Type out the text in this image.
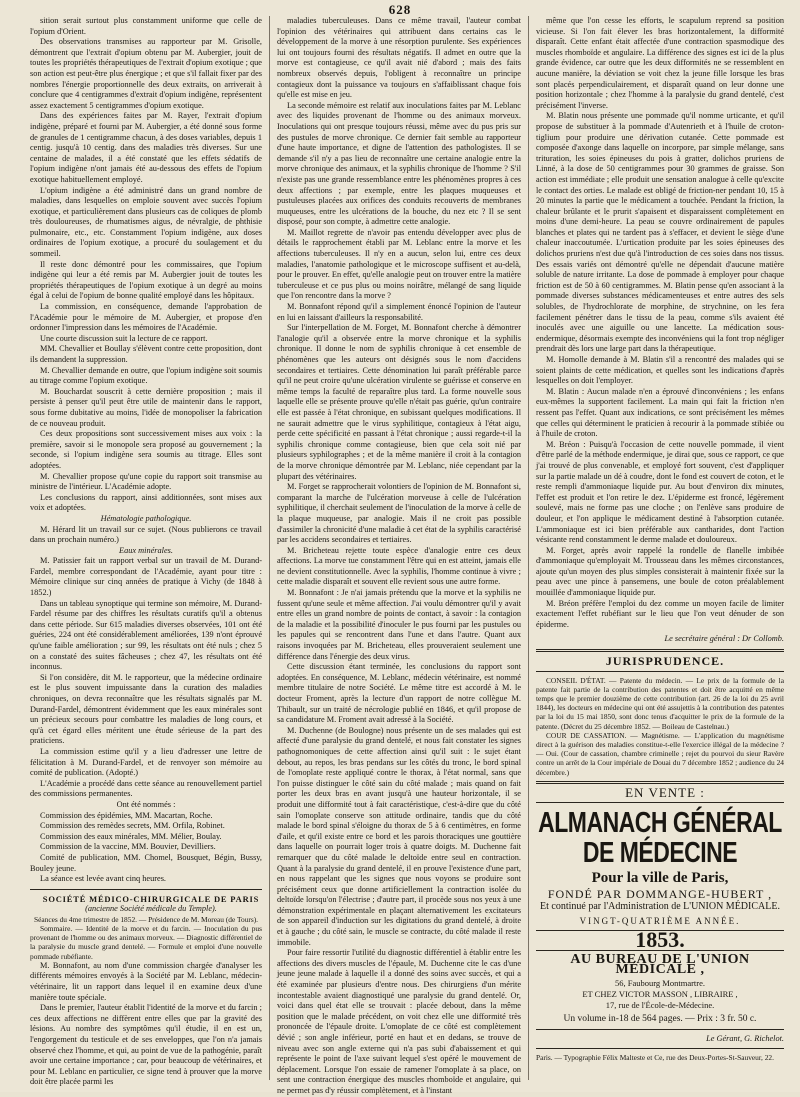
628

sition serait surtout plus constamment uniforme que celle de l'opium d'Orient.

Des observations transmises au rapporteur par M. Grisolle, démontrent que l'extrait d'opium obtenu par M. Aubergier, jouit de toutes les propriétés thérapeutiques de l'extrait d'opium exotique ; que son action est peut-être plus énergique ; et que s'il fallait fixer par des nombres l'énergie proportionnelle des deux extraits, on arriverait à conclure que 4 centigrammes d'extrait d'opium indigène, représentent assez exactement 5 centigrammes d'opium exotique.

Dans des expériences faites par M. Rayer, l'extrait d'opium indigène, préparé et fourni par M. Aubergier, a été donné sous forme de granules de 1 centigramme chacun, à des doses variables, depuis 1 centig. jusqu'à 10 centig. dans des maladies très diverses. Sur une centaine de malades, il a été constaté que les effets sédatifs de l'opium indigène n'ont jamais été au-dessous des effets de l'opium exotique habituellement employé.

L'opium indigène a été administré dans un grand nombre de maladies, dans lesquelles on emploie souvent avec succès l'opium exotique, et particulièrement dans plusieurs cas de coliques de plomb très douloureuses, de rhumatismes aigus, de névralgie, de phthisie pulmonaire, etc., etc. Constamment l'opium indigène, aux doses ordinaires de l'opium exotique, a procuré du soulagement et du sommeil.

Il reste donc démontré pour les commissaires, que l'opium indigène qui leur a été remis par M. Aubergier jouit de toutes les propriétés thérapeutiques de l'opium exotique à un degré au moins égal à celui de l'opium de bonne qualité employé dans les hôpitaux.

La commission, en conséquence, demande l'approbation de l'Académie pour le mémoire de M. Aubergier, et propose d'en ordonner l'impression dans les mémoires de l'Académie.

Une courte discussion suit la lecture de ce rapport.

MM. Chevallier et Boullay s'élèvent contre cette proposition, dont ils demandent la suppression.

M. Chevallier demande en outre, que l'opium indigène soit soumis au titrage comme l'opium exotique.

M. Bouchardat souscrit à cette dernière proposition ; mais il persiste à penser qu'il peut être utile de maintenir dans le rapport, sous forme dubitative au moins, l'idée de monopoliser la fabrication de ce nouveau produit.

Ces deux propositions sont successivement mises aux voix : la première, savoir si le monopole sera proposé au gouvernement ; la seconde, si l'opium indigène sera soumis au titrage. Elles sont adoptées.

M. Chevallier propose qu'une copie du rapport soit transmise au ministre de l'intérieur. L'Académie adopte.

Les conclusions du rapport, ainsi additionnées, sont mises aux voix et adoptées.

Hématologie pathologique.

M. Hérard lit un travail sur ce sujet. (Nous publierons ce travail dans un prochain numéro.)

Eaux minérales.

M. Patissier fait un rapport verbal sur un travail de M. Durand-Fardel, membre correspondant de l'Académie, ayant pour titre : Mémoire clinique sur cinq années de pratique à Vichy (de 1848 à 1852.)

Dans un tableau synoptique qui termine son mémoire, M. Durand-Fardel résume par des chiffres les résultats curatifs qu'il a obtenus dans cette période. Sur 615 maladies diverses observées, 101 ont été guéries, 224 ont été considérablement améliorées, 139 n'ont éprouvé qu'une faible amélioration ; sur 99, les résultats ont été nuls ; chez 5 on a constaté des suites fâcheuses ; chez 47, les résultats ont été inconnus.

Si l'on considère, dit M. le rapporteur, que la médecine ordinaire est le plus souvent impuissante dans la curation des maladies chroniques, on devra reconnaître que les résultats signalés par M. Durand-Fardel, démontrent évidemment que les eaux minérales sont un précieux secours pour combattre les maladies de long cours, et qu'à cet égard elles méritent une étude sérieuse de la part des praticiens.

La commission estime qu'il y a lieu d'adresser une lettre de félicitation à M. Durand-Fardel, et de renvoyer son mémoire au comité de publication. (Adopté.)

L'Académie a procédé dans cette séance au renouvellement partiel des commissions permanentes.

Ont été nommés :

Commission des épidémies, MM. Macartan, Roche.

Commission des remèdes secrets, MM. Orfila, Robinet.

Commission des eaux minérales, MM. Mélier, Boulay.

Commission de la vaccine, MM. Bouvier, Devilliers.

Comité de publication, MM. Chomel, Bousquet, Bégin, Bussy, Bouley jeune.

La séance est levée avant cinq heures.

SOCIÉTÉ MÉDICO-CHIRURGICALE DE PARIS

(ancienne Société médicale du Temple).

Séances du 4me trimestre de 1852. — Présidence de M. Moreau (de Tours).

Sommaire. — Identité de la morve et du farcin. — Inoculation du pus provenant de l'homme ou des animaux morveux. — Diagnostic différentiel de la paralysie du muscle grand dentelé. — Formule et emploi d'une nouvelle pommade rubéfiante.

M. Bonnafont, au nom d'une commission chargée d'analyser les différents mémoires envoyés à la Société par M. Leblanc, médecin-vétérinaire, lit un rapport dans lequel il en examine deux d'une manière toute spéciale.

Dans le premier, l'auteur établit l'identité de la morve et du farcin ; ces deux affections ne diffèrent entre elles que par la gravité des lésions. Au nombre des symptômes qu'il étudie, il en est un, l'engorgement du testicule et de ses enveloppes, que l'on n'a jamais observé chez l'homme, et qui, au point de vue de la pathogénie, paraît avoir une certaine importance ; car, pour beaucoup de vétérinaires, et pour M. Leblanc en particulier, ce signe tend à prouver que la morve doit être placée parmi les

maladies tuberculeuses. Dans ce même travail, l'auteur combat l'opinion des vétérinaires qui attribuent dans certains cas le développement de la morve à une résorption purulente. Ses expériences lui ont toujours fourni des résultats négatifs. Il admet en outre que la morve est contagieuse, ce qu'il avait nié d'abord ; mais des faits nombreux observés depuis, l'obligent à reconnaître un principe contagieux dont la puissance va toujours en s'affaiblissant chaque fois qu'elle est mise en jeu.

La seconde mémoire est relatif aux inoculations faites par M. Leblanc avec des liquides provenant de l'homme ou des animaux morveux. Inoculations qui ont presque toujours réussi, même avec du pus pris sur des pustules de morve chronique. Ce dernier fait semble au rapporteur d'une haute importance, et digne de l'attention des pathologistes. Il se demande s'il n'y a pas lieu de reconnaître une certaine analogie entre la morve chronique des animaux, et la syphilis chronique de l'homme ? S'il n'existe pas une grande ressemblance entre les phénomènes propres à ces deux affections ; par exemple, entre les plaques muqueuses et pustuleuses placées aux orifices des conduits recouverts de membranes muqueuses, entre les ulcérations de la bouche, du nez etc ? Il se sent disposé, pour son compte, à admettre cette analogie.

M. Maillot regrette de n'avoir pas entendu développer avec plus de détails le rapprochement établi par M. Leblanc entre la morve et les affections tuberculeuses. Il n'y en a aucun, selon lui, entre ces deux maladies, l'anatomie pathologique et le microscope suffisent et au-delà, pour le prouver. En effet, qu'elle analogie peut on trouver entre la matière tuberculeuse et ce pus plus ou moins noirâtre, mélangé de sang liquide que l'on rencontre dans la morve ?

M. Bonnafont répond qu'il a simplement énoncé l'opinion de l'auteur en lui en laissant d'ailleurs la responsabilité.

Sur l'interpellation de M. Forget, M. Bonnafont cherche à démontrer l'analogie qu'il a observée entre la morve chronique et la syphilis chronique. Il donne le nom de syphilis chronique à cet ensemble de phénomènes que les auteurs ont désignés sous le nom d'accidens secondaires et tertiaires. Cette dénomination lui paraît préférable parce qu'il ne peut croire qu'une ulcération virulente se guérisse et conserve en même temps la faculté de reparaître plus tard. La forme nouvelle sous laquelle elle se présente prouve qu'elle n'était pas guérie, qu'un contraire elle est passée à l'état chronique, en subissant quelques modifications. Il ne saurait admettre que le virus syphilitique, contagieux à l'état aigu, perde cette spécificité en passant à l'état chronique ; aussi regarde-t-il la syphilis chronique comme contagieuse, bien que cela soit nié par plusieurs syphilographes ; et de la même manière il croit à la contagion de la morve chronique démontrée par M. Leblanc, niée cependant par la plupart des vétérinaires.

M. Forget se rapprocherait volontiers de l'opinion de M. Bonnafont si, comparant la marche de l'ulcération morveuse à celle de l'ulcération syphilitique, il cherchait seulement de l'inoculation de la morve à celle de la plaque muqueuse, par analogie. Mais il ne croit pas possible d'assimiler la chronicité d'une maladie à cet état de la syphilis caractérisé par les accidens secondaires et tertiaires.

M. Bricheteau rejette toute espèce d'analogie entre ces deux affections. La morve tue constamment l'être qui en est atteint, jamais elle ne devient constitutionnelle. Avec la syphilis, l'homme continue à vivre ; cette maladie disparaît et souvent elle revient sous une autre forme.

M. Bonnafont : Je n'ai jamais prétendu que la morve et la syphilis ne fussent qu'une seule et même affection. J'ai voulu démontrer qu'il y avait entre elles un grand nombre de points de contact, à savoir : la contagion de la maladie et la possibilité d'inoculer le pus fourni par les pustules ou les papules qui se rencontrent dans l'une et dans l'autre. Quant aux raisons invoquées par M. Bricheteau, elles prouveraient seulement une différence dans l'énergie des deux virus.

Cette discussion étant terminée, les conclusions du rapport sont adoptées. En conséquence, M. Leblanc, médecin vétérinaire, est nommé membre titulaire de notre Société. Le même titre est accordé à M. le docteur Froment, après la lecture d'un rapport de notre collègue M. Thibault, sur un traité de nécrologie publié en 1846, et qu'il propose de sa candidature M. Froment avait adressé à la Société.

M. Duchenne (de Boulogne) nous présente un de ses malades qui est affecté d'une paralysie du grand dentelé, et nous fait constater les signes pathognomoniques de cette affection ainsi qu'il suit : le sujet étant debout, au repos, les bras pendans sur les côtés du tronc, le bord spinal de l'omoplate reste appliqué contre le thorax, à l'état normal, sans que l'on puisse distinguer le côté sain du côté malade ; mais quand on fait porter les deux bras en avant jusqu'à une hauteur horizontale, il se produit une difformité tout à fait caractéristique, c'est-à-dire que du côté sain l'omoplate conserve son attitude ordinaire, tandis que du côté malade le bord spinal s'éloigne du thorax de 5 à 6 centimètres, en forme d'aile, et qu'il existe entre ce bord et les parois thoraciques une gouttière dans laquelle on pourrait loger trois à quatre doigts. M. Duchenne fait remarquer que du côté malade le deltoïde entre seul en contraction. Quant à la paralysie du grand dentelé, il en prouve l'existence d'une part, en nous rappelant que les signes que nous voyons se produire sont précisément ceux que donne artificiellement la contraction isolée du deltoïde lorsqu'on l'électrise ; d'autre part, il procède sous nos yeux à une démonstration expérimentale en plaçant alternativement les excitateurs de son appareil d'induction sur les digitations du grand dentelé, à droite et à gauche ; du côté sain, le muscle se contracte, du côté malade il reste immobile.

Pour faire ressortir l'utilité du diagnostic différentiel à établir entre les affections des divers muscles de l'épaule, M. Duchenne cite le cas d'une jeune jeune malade à laquelle il a donné des soins avec succès, et qui a été examinée par plusieurs d'entre nous. Des chirurgiens d'un mérite incontestable avaient diagnostiqué une paralysie du grand dentelé. Or, voici dans quel état elle se trouvait : placée debout, dans la même position que le malade précédent, on voit chez elle une difformité très prononcée de l'épaule droite. L'omoplate de ce côté est complètement dévié ; son angle inférieur, porté en haut et en dedans, se trouve de niveau avec son angle externe qui n'a pas subi d'abaissement et qui représente le point de l'axe suivant lequel s'est opéré le mouvement de déplacement. Lorsque l'on essaie de ramener l'omoplate à sa place, on sent une contraction énergique des muscles rhomboïde et angulaire, qui ne permet pas d'y réussir complètement, et à l'instant

même que l'on cesse les efforts, le scapulum reprend sa position vicieuse. Si l'on fait élever les bras horizontalement, la difformité disparaît. Cette enfant était affectée d'une contraction spasmodique des muscles rhomboïde et angulaire. La différence des signes est ici de la plus grande évidence, car outre que les deux difformités ne se ressemblent en aucune manière, la déviation se voit chez la jeune fille lorsque les bras sont placés perpendiculairement, et disparaît quand on leur donne une position horizontale ; chez l'homme à la paralysie du grand dentelé, c'est précisément l'inverse.

M. Blatin nous présente une pommade qu'il nomme urticante, et qu'il propose de substituer à la pommade d'Autenrieth et à l'huile de croton-tiglium pour produire une dérivation cutanée. Cette pommade est composée d'axonge dans laquelle on incorpore, par simple mélange, sans trituration, les soies épineuses du pois à gratter, dolichos pruriens de Linné, à la dose de 50 centigrammes pour 30 grammes de graisse. Son action est immédiate ; elle produit une sensation analogue à celle qu'excite le contact des orties. Le malade est obligé de friction-ner pendant 10, 15 à 20 minutes la partie que le médicament a touchée. Pendant la friction, la chaleur brûlante et le prurit s'apaisent et disparaissent complètement en moins d'une demi-heure. La peau se couvre ordinairement de papules blanches et plates qui ne tardent pas à s'effacer, et devient le siège d'une chaleur inaccoutumée. L'urtication produite par les soies épineuses des dolichos pruriens n'est due qu'à l'introduction de ces soies dans nos tissus. Des essais variés ont démontré qu'elle ne dépendait d'aucune matière soluble de nature irritante. La dose de pommade à employer pour chaque friction est de 50 à 60 centigrammes. M. Blatin pense qu'en associant à la pommade diverses substances médicamenteuses et entre autres des sels solubles, de l'hydrochlorate de morphine, de strychnine, on les fera facilement pénétrer dans le tissu de la peau, comme s'ils avaient été inoculés avec une aiguille ou une lancette. La médication sous-endermique, désormais exempte des inconvéniens qui la font trop négliger prendrait dès lors une large part dans la thérapeutique.

M. Homolle demande à M. Blatin s'il a rencontré des malades qui se soient plaints de cette médication, et quelles sont les indications d'après lesquelles on doit l'employer.

M. Blatin : Aucun malade n'en a éprouvé d'inconvéniens ; les enfans eux-mêmes la supportent facilement. La main qui fait la friction n'en ressent pas l'effet. Quant aux indications, ce sont précisément les mêmes que celles qui déterminent le praticien à recourir à la pommade stibiée ou à l'huile de croton.

M. Bréon : Puisqu'à l'occasion de cette nouvelle pommade, il vient d'être parlé de la méthode endermique, je dirai que, sous ce rapport, ce que j'ai trouvé de plus convenable, et employé fort souvent, c'est d'appliquer sur la partie malade un dé à coudre, dont le fond est couvert de coton, et le reste rempli d'ammoniaque liquide pur. Au bout d'environ dix minutes, l'effet est produit et l'on retire le dez. L'épiderme est froncé, légèrement soulevé, mais ne forme pas une cloche ; on l'enlève sans produire de douleur, et l'on applique le médicament destiné à l'absorption cutanée. L'ammoniaque est ici bien préférable aux cantharides, dont l'action vésicante rend constamment le derme malade et douloureux.

M. Forget, après avoir rappelé la rondelle de flanelle imbibée d'ammoniaque qu'employait M. Trousseau dans les mêmes circonstances, ajoute qu'un moyen des plus simples consisterait à maintenir fixée sur la peau avec une pince à pansemens, une boule de coton préalablement mouillée d'ammoniaque liquide pur.

M. Bréon préfère l'emploi du dez comme un moyen facile de limiter exactement l'effet rubéfiant sur le lieu que l'on veut dénuder de son épiderme.

Le secrétaire général : Dr Collomb.

JURISPRUDENCE.

CONSEIL D'ÉTAT. — Patente du médecin. — Le prix de la formule de la patente fait partie de la contribution des patentes et doit être acquitté en même temps que le premier douzième de cette contribution (art. 26 de la loi du 25 avril 1844), les docteurs en médecine qui ont été assujettis à la contribution des patentes par la loi du 15 mai 1850, sont donc tenus d'acquitter le prix de la formule de la patente. (Décret du 25 décembre 1852. — Boileau de Castelnau.)

COUR DE CASSATION. — Magnétisme. — L'application du magnétisme direct à la guérison des maladies constitue-t-elle l'exercice illégal de la médecine ? — Oui. (Cour de cassation, chambre criminelle ; rejet du pourvoi du sieur Ravère contre un arrêt de la Cour impériale de Douai du 7 décembre 1852 ; audience du 24 décembre.)

EN VENTE :

ALMANACH GÉNÉRAL DE MÉDECINE
Pour la ville de Paris,
FONDÉ PAR DOMMANGE-HUBERT ,
Et continué par l'Administration de L'UNION MÉDICALE.
VINGT-QUATRIÈME ANNÉE.
1853.
AU BUREAU DE L'UNION MÉDICALE ,
56, Faubourg Montmartre.
ET CHEZ VICTOR MASSON , LIBRAIRE ,
17, rue de l'École-de-Médecine.
Un volume in-18 de 564 pages. — Prix : 3 fr. 50 c.

Le Gérant, G. Richelot.

Paris. — Typographie Félix Malteste et Ce, rue des Deux-Portes-St-Sauveur, 22.
